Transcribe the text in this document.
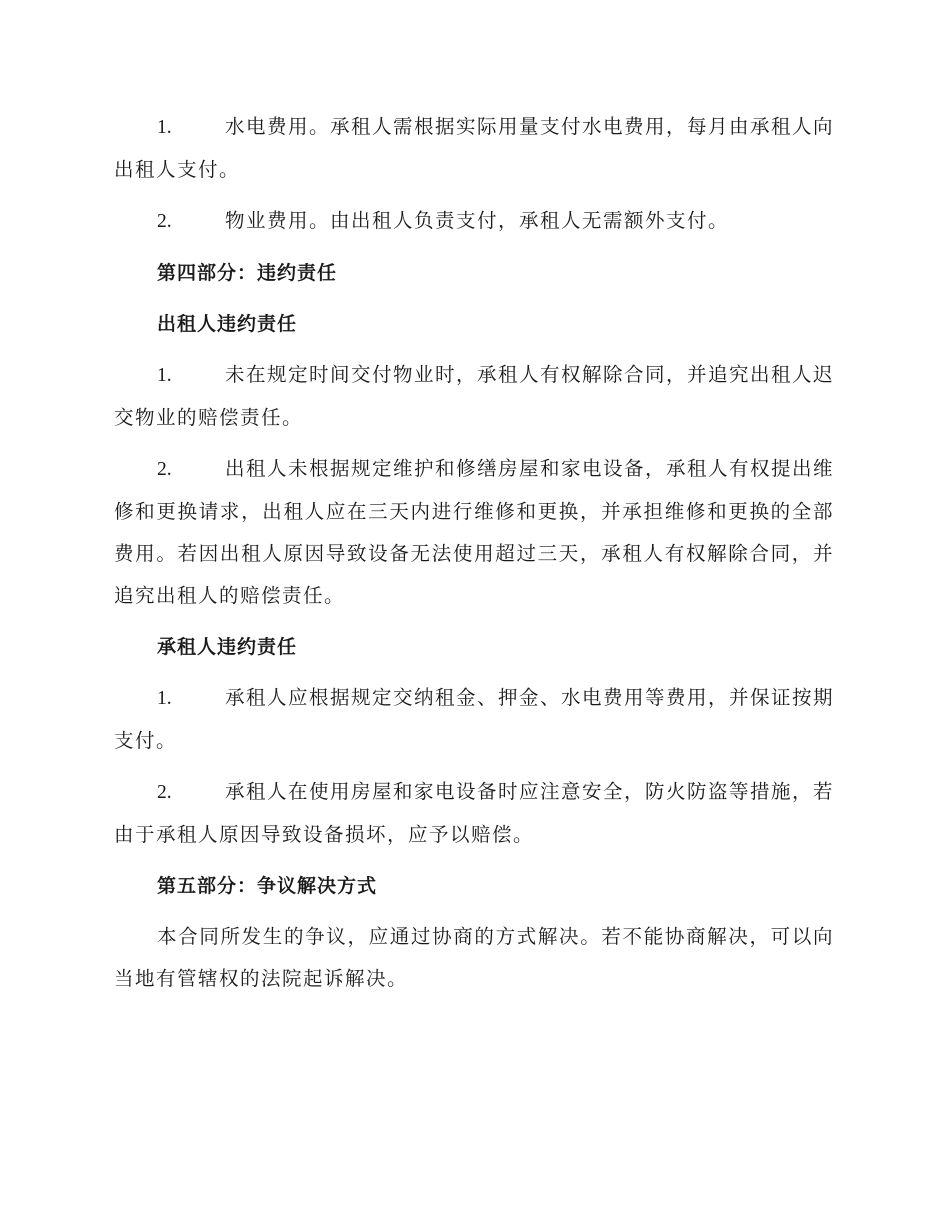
1.	水电费用。承租人需根据实际用量支付水电费用，每月由承租人向出租人支付。

2.	物业费用。由出租人负责支付，承租人无需额外支付。

第四部分：违约责任
出租人违约责任

1.	未在规定时间交付物业时，承租人有权解除合同，并追究出租人迟交物业的赔偿责任。

2.	出租人未根据规定维护和修缮房屋和家电设备，承租人有权提出维修和更换请求，出租人应在三天内进行维修和更换，并承担维修和更换的全部费用。若因出租人原因导致设备无法使用超过三天，承租人有权解除合同，并追究出租人的赔偿责任。

承租人违约责任

1.	承租人应根据规定交纳租金、押金、水电费用等费用，并保证按期支付。

2.	承租人在使用房屋和家电设备时应注意安全，防火防盗等措施，若由于承租人原因导致设备损坏，应予以赔偿。

第五部分：争议解决方式

本合同所发生的争议，应通过协商的方式解决。若不能协商解决，可以向当地有管辖权的法院起诉解决。
